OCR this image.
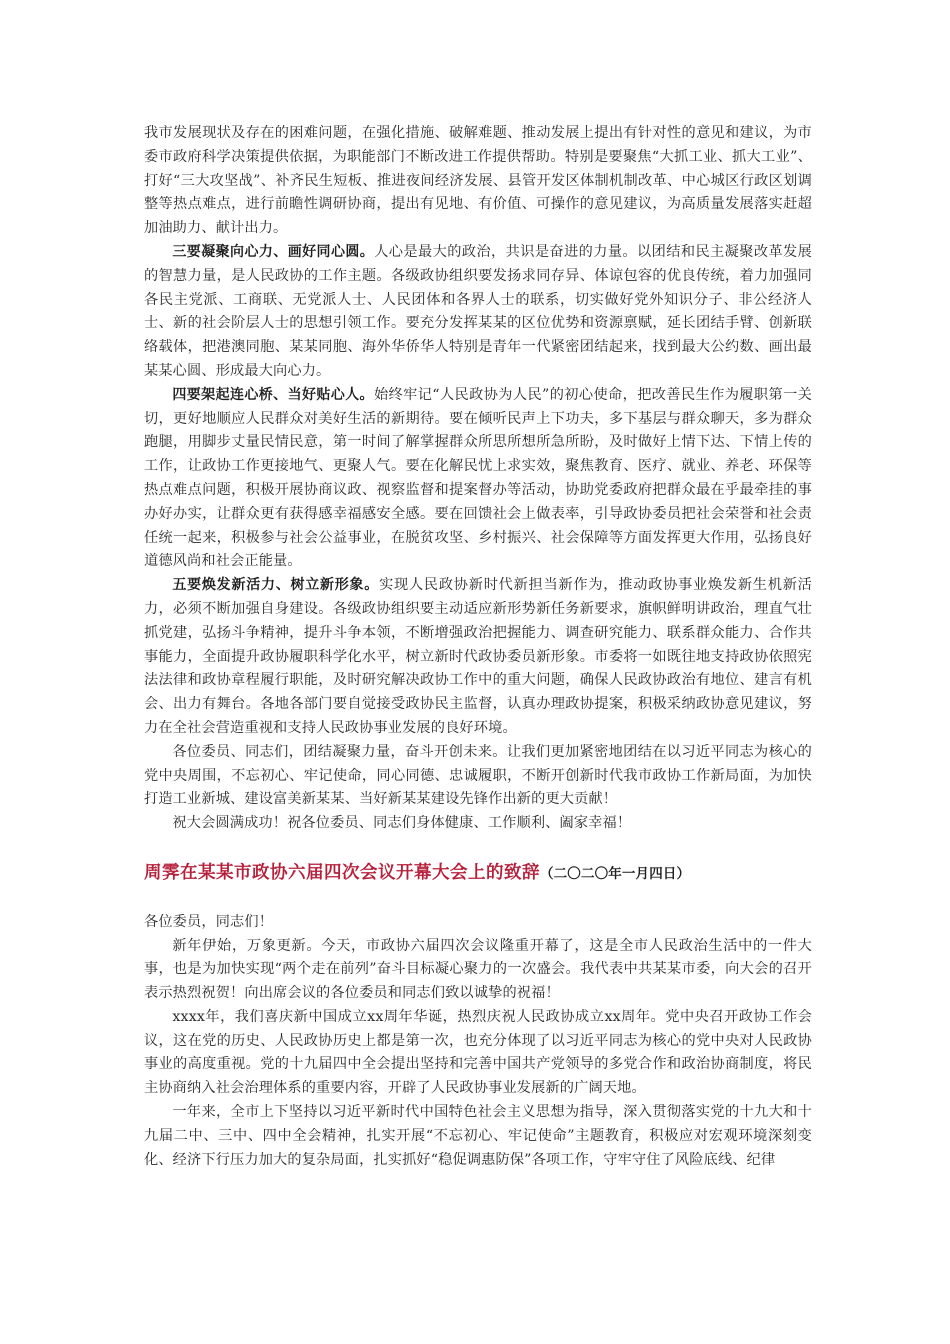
我市发展现状及存在的困难问题，在强化措施、破解难题、推动发展上提出有针对性的意见和建议，为市委市政府科学决策提供依据，为职能部门不断改进工作提供帮助。特别是要聚焦“大抓工业、抓大工业”、打好“三大攻坚战”、补齐民生短板、推进夜间经济发展、县管开发区体制机制改革、中心城区行政区划调整等热点难点，进行前瞻性调研协商，提出有见地、有价值、可操作的意见建议，为高质量发展落实赶超加油助力、献计出力。

三要凝聚向心力、画好同心圆。人心是最大的政治，共识是奋进的力量。以团结和民主凝聚改革发展的智慧力量，是人民政协的工作主题。各级政协组织要发扬求同存异、体谅包容的优良传统，着力加强同各民主党派、工商联、无党派人士、人民团体和各界人士的联系，切实做好党外知识分子、非公经济人士、新的社会阶层人士的思想引领工作。要充分发挥某某的区位优势和资源禀赋，延长团结手臂、创新联络载体，把港澳同胞、某某同胞、海外华侨华人特别是青年一代紧密团结起来，找到最大公约数、画出最某某心圆、形成最大向心力。

四要架起连心桥、当好贴心人。始终牢记“人民政协为人民”的初心使命，把改善民生作为履职第一关切，更好地顺应人民群众对美好生活的新期待。要在倾听民声上下功夫，多下基层与群众聊天，多为群众跑腿，用脚步丈量民情民意，第一时间了解掌握群众所思所想所急所盼，及时做好上情下达、下情上传的工作，让政协工作更接地气、更聚人气。要在化解民忧上求实效，聚焦教育、医疗、就业、养老、环保等热点难点问题，积极开展协商议政、视察监督和提案督办等活动，协助党委政府把群众最在乎最牵挂的事办好办实，让群众更有获得感幸福感安全感。要在回馈社会上做表率，引导政协委员把社会荣誉和社会责任统一起来，积极参与社会公益事业，在脱贫攻坚、乡村振兴、社会保障等方面发挥更大作用，弘扬良好道德风尚和社会正能量。

五要焕发新活力、树立新形象。实现人民政协新时代新担当新作为，推动政协事业焕发新生机新活力，必须不断加强自身建设。各级政协组织要主动适应新形势新任务新要求，旗帜鲜明讲政治，理直气壮抓党建，弘扬斗争精神，提升斗争本领，不断增强政治把握能力、调查研究能力、联系群众能力、合作共事能力，全面提升政协履职科学化水平，树立新时代政协委员新形象。市委将一如既往地支持政协依照宪法法律和政协章程履行职能，及时研究解决政协工作中的重大问题，确保人民政协政治有地位、建言有机会、出力有舞台。各地各部门要自觉接受政协民主监督，认真办理政协提案，积极采纳政协意见建议，努力在全社会营造重视和支持人民政协事业发展的良好环境。

各位委员、同志们，团结凝聚力量，奋斗开创未来。让我们更加紧密地团结在以习近平同志为核心的党中央周围，不忘初心、牢记使命，同心同德、忠诚履职，不断开创新时代我市政协工作新局面，为加快打造工业新城、建设富美新某某、当好新某某建设先锋作出新的更大贡献！

祝大会圆满成功！祝各位委员、同志们身体健康、工作顺利、阖家幸福！

周霁在某某市政协六届四次会议开幕大会上的致辞（二〇二〇年一月四日）

各位委员，同志们！

新年伊始，万象更新。今天，市政协六届四次会议隆重开幕了，这是全市人民政治生活中的一件大事，也是为加快实现“两个走在前列”奋斗目标凝心聚力的一次盛会。我代表中共某某市委，向大会的召开表示热烈祝贺！向出席会议的各位委员和同志们致以诚挚的祝福！

xxxx年，我们喜庆新中国成立xx周年华诞，热烈庆祝人民政协成立xx周年。党中央召开政协工作会议，这在党的历史、人民政协历史上都是第一次，也充分体现了以习近平同志为核心的党中央对人民政协事业的高度重视。党的十九届四中全会提出坚持和完善中国共产党领导的多党合作和政治协商制度，将民主协商纳入社会治理体系的重要内容，开辟了人民政协事业发展新的广阔天地。

一年来，全市上下坚持以习近平新时代中国特色社会主义思想为指导，深入贯彻落实党的十九大和十九届二中、三中、四中全会精神，扎实开展“不忘初心、牢记使命”主题教育，积极应对宏观环境深刻变化、经济下行压力加大的复杂局面，扎实抓好“稳促调惠防保”各项工作，守牢守住了风险底线、纪律
